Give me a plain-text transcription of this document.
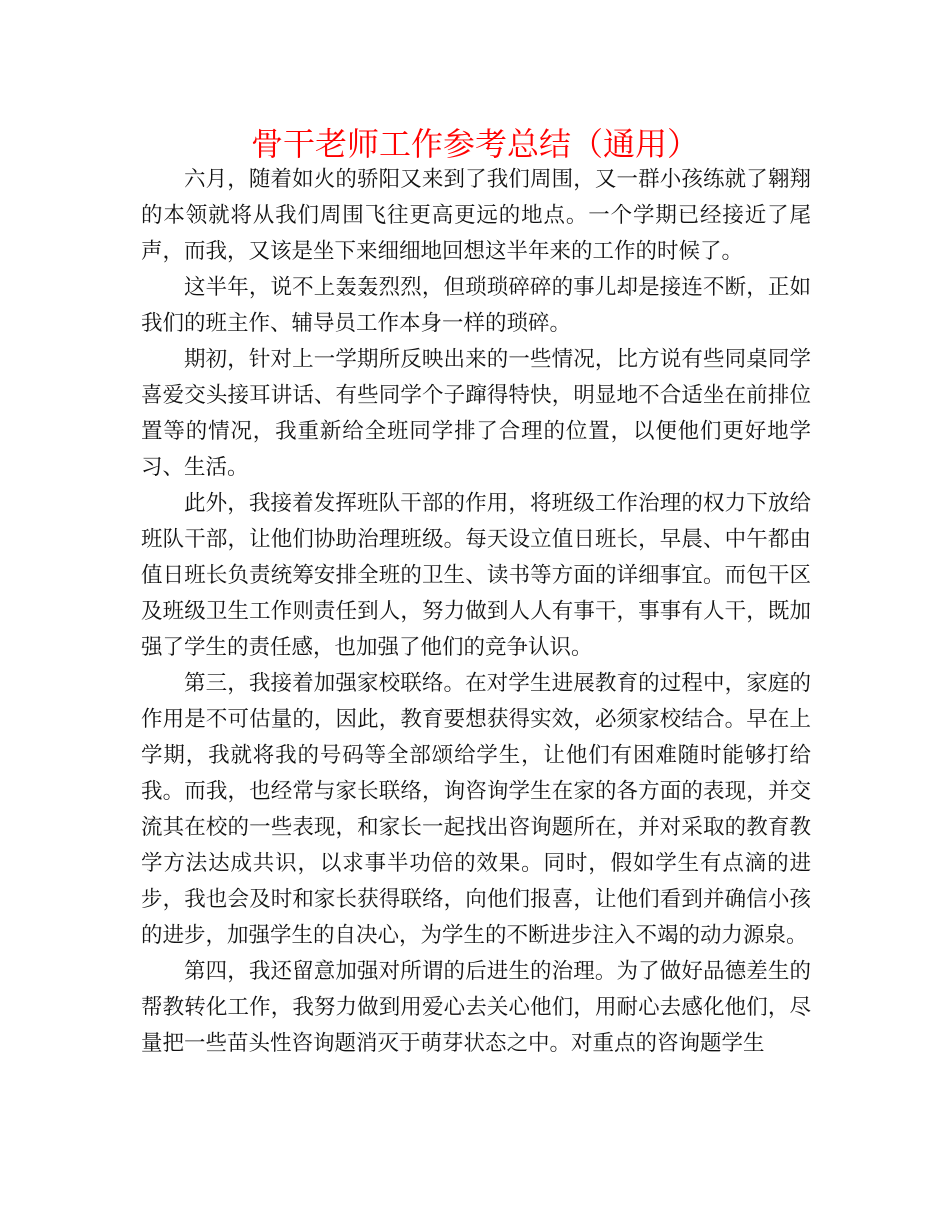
骨干老师工作参考总结（通用）

六月，随着如火的骄阳又来到了我们周围，又一群小孩练就了翱翔的本领就将从我们周围飞往更高更远的地点。一个学期已经接近了尾声，而我，又该是坐下来细细地回想这半年来的工作的时候了。

这半年，说不上轰轰烈烈，但琐琐碎碎的事儿却是接连不断，正如我们的班主作、辅导员工作本身一样的琐碎。

期初，针对上一学期所反映出来的一些情况，比方说有些同桌同学喜爱交头接耳讲话、有些同学个子蹿得特快，明显地不合适坐在前排位置等的情况，我重新给全班同学排了合理的位置，以便他们更好地学习、生活。

此外，我接着发挥班队干部的作用，将班级工作治理的权力下放给班队干部，让他们协助治理班级。每天设立值日班长，早晨、中午都由值日班长负责统筹安排全班的卫生、读书等方面的详细事宜。而包干区及班级卫生工作则责任到人，努力做到人人有事干，事事有人干，既加强了学生的责任感，也加强了他们的竞争认识。

第三，我接着加强家校联络。在对学生进展教育的过程中，家庭的作用是不可估量的，因此，教育要想获得实效，必须家校结合。早在上学期，我就将我的号码等全部颂给学生，让他们有困难随时能够打给我。而我，也经常与家长联络，询咨询学生在家的各方面的表现，并交流其在校的一些表现，和家长一起找出咨询题所在，并对采取的教育教学方法达成共识，以求事半功倍的效果。同时，假如学生有点滴的进步，我也会及时和家长获得联络，向他们报喜，让他们看到并确信小孩的进步，加强学生的自决心，为学生的不断进步注入不竭的动力源泉。

第四，我还留意加强对所谓的后进生的治理。为了做好品德差生的帮教转化工作，我努力做到用爱心去关心他们，用耐心去感化他们，尽量把一些苗头性咨询题消灭于萌芽状态之中。对重点的咨询题学生
